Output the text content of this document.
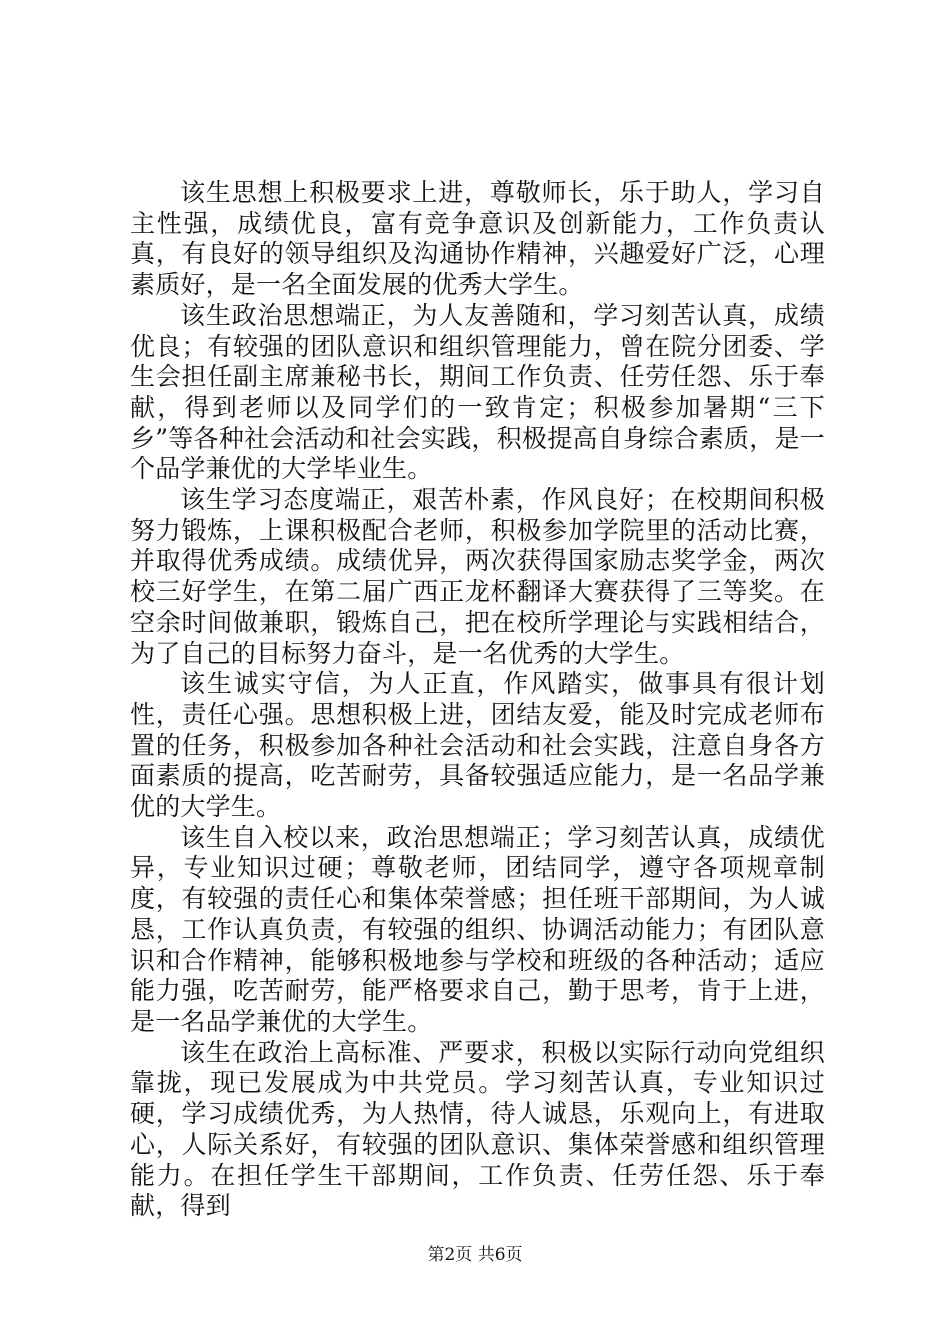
该生思想上积极要求上进，尊敬师长，乐于助人，学习自主性强，成绩优良，富有竞争意识及创新能力，工作负责认真，有良好的领导组织及沟通协作精神，兴趣爱好广泛，心理素质好，是一名全面发展的优秀大学生。

该生政治思想端正，为人友善随和，学习刻苦认真，成绩优良；有较强的团队意识和组织管理能力，曾在院分团委、学生会担任副主席兼秘书长，期间工作负责、任劳任怨、乐于奉献，得到老师以及同学们的一致肯定；积极参加暑期“三下乡”等各种社会活动和社会实践，积极提高自身综合素质，是一个品学兼优的大学毕业生。

该生学习态度端正，艰苦朴素，作风良好；在校期间积极努力锻炼，上课积极配合老师，积极参加学院里的活动比赛，并取得优秀成绩。成绩优异，两次获得国家励志奖学金，两次校三好学生，在第二届广西正龙杯翻译大赛获得了三等奖。在空余时间做兼职，锻炼自己，把在校所学理论与实践相结合，为了自己的目标努力奋斗，是一名优秀的大学生。

该生诚实守信，为人正直，作风踏实，做事具有很计划性，责任心强。思想积极上进，团结友爱，能及时完成老师布置的任务，积极参加各种社会活动和社会实践，注意自身各方面素质的提高，吃苦耐劳，具备较强适应能力，是一名品学兼优的大学生。

该生自入校以来，政治思想端正；学习刻苦认真，成绩优异，专业知识过硬；尊敬老师，团结同学，遵守各项规章制度，有较强的责任心和集体荣誉感；担任班干部期间，为人诚恳，工作认真负责，有较强的组织、协调活动能力；有团队意识和合作精神，能够积极地参与学校和班级的各种活动；适应能力强，吃苦耐劳，能严格要求自己，勤于思考，肯于上进，是一名品学兼优的大学生。

该生在政治上高标准、严要求，积极以实际行动向党组织靠拢，现已发展成为中共党员。学习刻苦认真，专业知识过硬，学习成绩优秀，为人热情，待人诚恳，乐观向上，有进取心，人际关系好，有较强的团队意识、集体荣誉感和组织管理能力。在担任学生干部期间，工作负责、任劳任怨、乐于奉献，得到

第2页 共6页
